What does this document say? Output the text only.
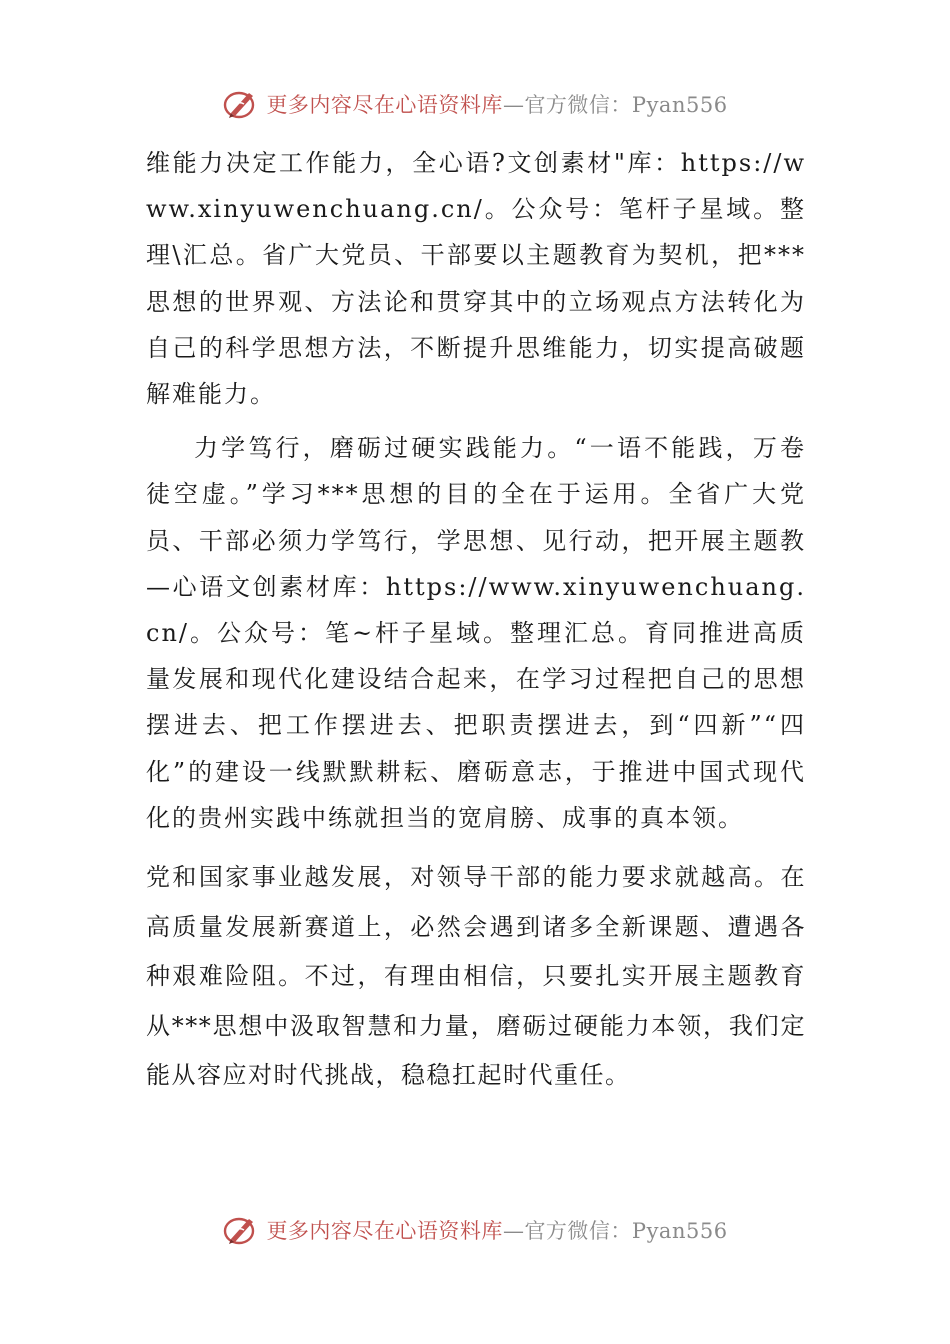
更多内容尽在心语资料库—官方微信：Pyan556

维能力决定工作能力，全心语?文创素材"库：https://www.xinyuwenchuang.cn/。公众号：笔杆子星域。整理\汇总。省广大党员、干部要以主题教育为契机，把***思想的世界观、方法论和贯穿其中的立场观点方法转化为自己的科学思想方法，不断提升思维能力，切实提高破题解难能力。

力学笃行，磨砺过硬实践能力。“一语不能践，万卷徒空虚。”学习***思想的目的全在于运用。全省广大党员、干部必须力学笃行，学思想、见行动，把开展主题教—心语文创素材库：https://www.xinyuwenchuang.cn/。公众号：笔~杆子星域。整理汇总。育同推进高质量发展和现代化建设结合起来，在学习过程把自己的思想摆进去、把工作摆进去、把职责摆进去，到“四新”“四化”的建设一线默默耕耘、磨砺意志，于推进中国式现代化的贵州实践中练就担当的宽肩膀、成事的真本领。

党和国家事业越发展，对领导干部的能力要求就越高。在高质量发展新赛道上，必然会遇到诸多全新课题、遭遇各种艰难险阻。不过，有理由相信，只要扎实开展主题教育从***思想中汲取智慧和力量，磨砺过硬能力本领，我们定能从容应对时代挑战，稳稳扛起时代重任。

更多内容尽在心语资料库—官方微信：Pyan556
